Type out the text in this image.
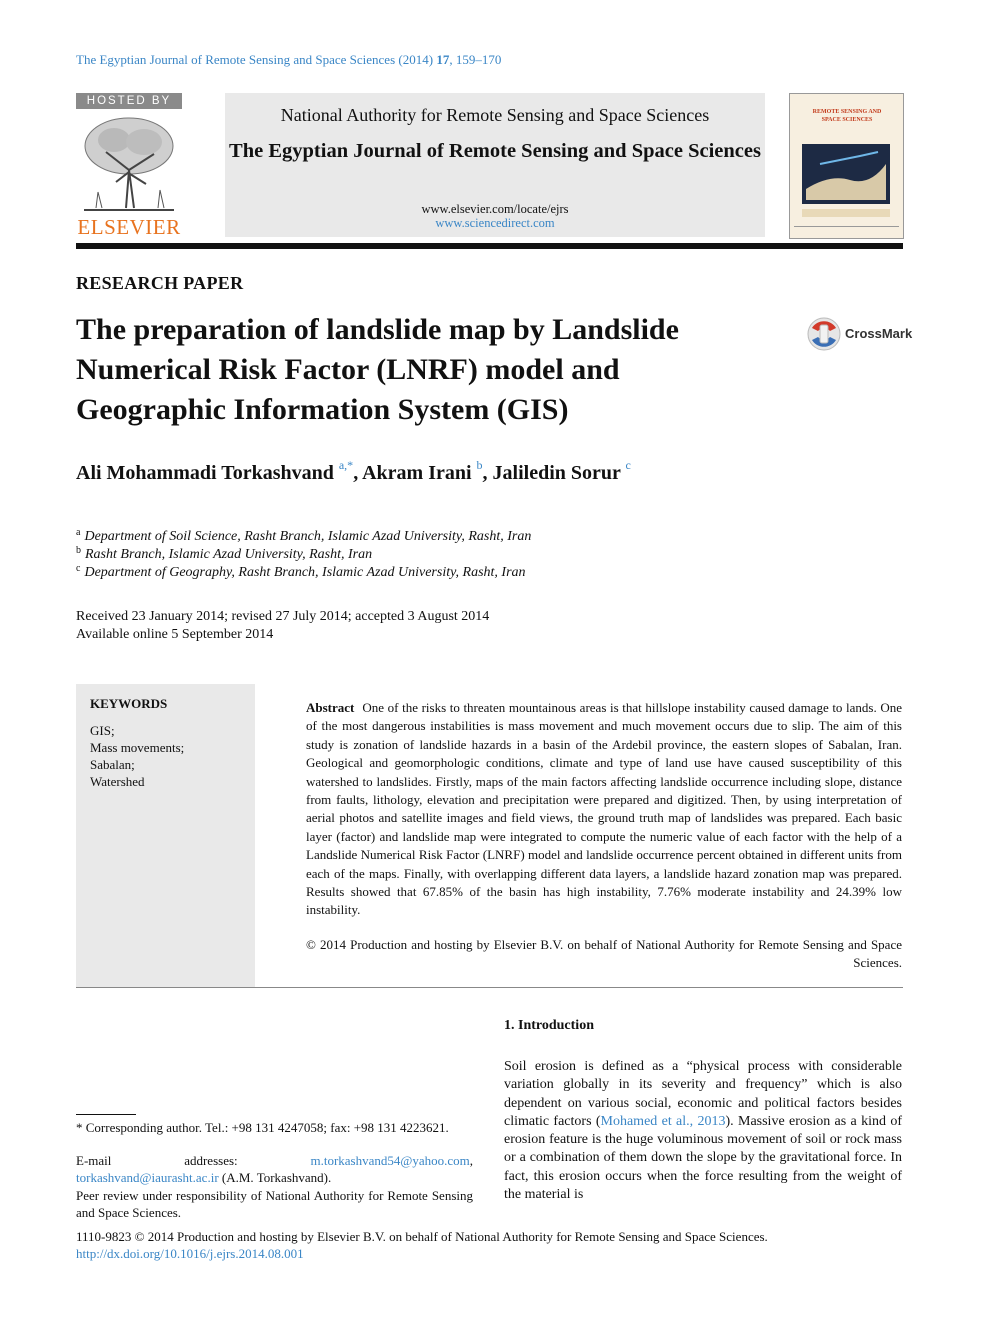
The Egyptian Journal of Remote Sensing and Space Sciences (2014) 17, 159–170
HOSTED BY
ELSEVIER
National Authority for Remote Sensing and Space Sciences
The Egyptian Journal of Remote Sensing and Space Sciences
www.elsevier.com/locate/ejrs
www.sciencedirect.com
REMOTE SENSING AND SPACE SCIENCES
RESEARCH PAPER
The preparation of landslide map by Landslide Numerical Risk Factor (LNRF) model and Geographic Information System (GIS)
CrossMark
Ali Mohammadi Torkashvand $^{a,*}$, Akram Irani $^b$, Jaliledin Sorur $^c$
$^a$ Department of Soil Science, Rasht Branch, Islamic Azad University, Rasht, Iran
$^b$ Rasht Branch, Islamic Azad University, Rasht, Iran
$^c$ Department of Geography, Rasht Branch, Islamic Azad University, Rasht, Iran
Received 23 January 2014; revised 27 July 2014; accepted 3 August 2014
Available online 5 September 2014
KEYWORDS
GIS;
Mass movements;
Sabalan;
Watershed
Abstract One of the risks to threaten mountainous areas is that hillslope instability caused damage to lands. One of the most dangerous instabilities is mass movement and much movement occurs due to slip. The aim of this study is zonation of landslide hazards in a basin of the Ardebil province, the eastern slopes of Sabalan, Iran. Geological and geomorphologic conditions, climate and type of land use have caused susceptibility of this watershed to landslides. Firstly, maps of the main factors affecting landslide occurrence including slope, distance from faults, lithology, elevation and precipitation were prepared and digitized. Then, by using interpretation of aerial photos and satellite images and field views, the ground truth map of landslides was prepared. Each basic layer (factor) and landslide map were integrated to compute the numeric value of each factor with the help of a Landslide Numerical Risk Factor (LNRF) model and landslide occurrence percent obtained in different units from each of the maps. Finally, with overlapping different data layers, a landslide hazard zonation map was prepared. Results showed that 67.85% of the basin has high instability, 7.76% moderate instability and 24.39% low instability.
© 2014 Production and hosting by Elsevier B.V. on behalf of National Authority for Remote Sensing and Space Sciences.
1. Introduction
Soil erosion is defined as a “physical process with considerable variation globally in its severity and frequency” which is also dependent on various social, economic and political factors besides climatic factors (Mohamed et al., 2013). Massive erosion as a kind of erosion feature is the huge voluminous movement of soil or rock mass or a combination of them down the slope by the gravitational force. In fact, this erosion occurs when the force resulting from the weight of the material is
* Corresponding author. Tel.: +98 131 4247058; fax: +98 131 4223621.
E-mail addresses:	m.torkashvand54@yahoo.com, torkashvand@iaurasht.ac.ir (A.M. Torkashvand).
Peer review under responsibility of National Authority for Remote Sensing and Space Sciences.
1110-9823 © 2014 Production and hosting by Elsevier B.V. on behalf of National Authority for Remote Sensing and Space Sciences.
http://dx.doi.org/10.1016/j.ejrs.2014.08.001
